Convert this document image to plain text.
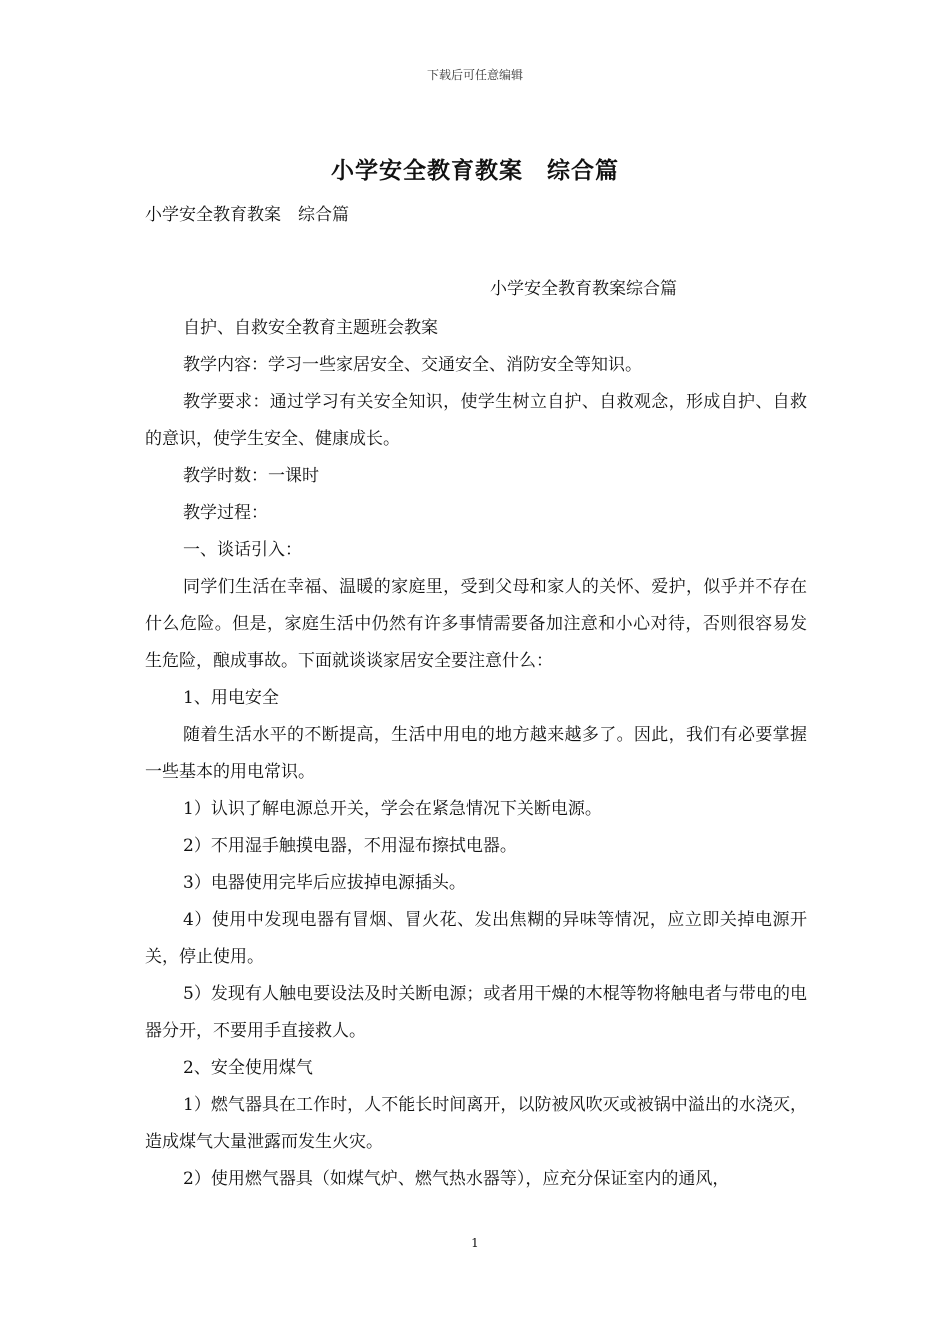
下载后可任意编辑
小学安全教育教案　综合篇
小学安全教育教案　综合篇
小学安全教育教案综合篇

自护、自救安全教育主题班会教案

教学内容：学习一些家居安全、交通安全、消防安全等知识。

教学要求：通过学习有关安全知识，使学生树立自护、自救观念，形成自护、自救的意识，使学生安全、健康成长。

教学时数：一课时

教学过程：

一、谈话引入：

同学们生活在幸福、温暖的家庭里，受到父母和家人的关怀、爱护，似乎并不存在什么危险。但是，家庭生活中仍然有许多事情需要备加注意和小心对待，否则很容易发生危险，酿成事故。下面就谈谈家居安全要注意什么：

1、用电安全

随着生活水平的不断提高，生活中用电的地方越来越多了。因此，我们有必要掌握一些基本的用电常识。

1）认识了解电源总开关，学会在紧急情况下关断电源。

2）不用湿手触摸电器，不用湿布擦拭电器。

3）电器使用完毕后应拔掉电源插头。

4）使用中发现电器有冒烟、冒火花、发出焦糊的异味等情况，应立即关掉电源开关，停止使用。

5）发现有人触电要设法及时关断电源；或者用干燥的木棍等物将触电者与带电的电器分开，不要用手直接救人。

2、安全使用煤气

1）燃气器具在工作时，人不能长时间离开，以防被风吹灭或被锅中溢出的水浇灭，造成煤气大量泄露而发生火灾。

2）使用燃气器具（如煤气炉、燃气热水器等），应充分保证室内的通风，

1
